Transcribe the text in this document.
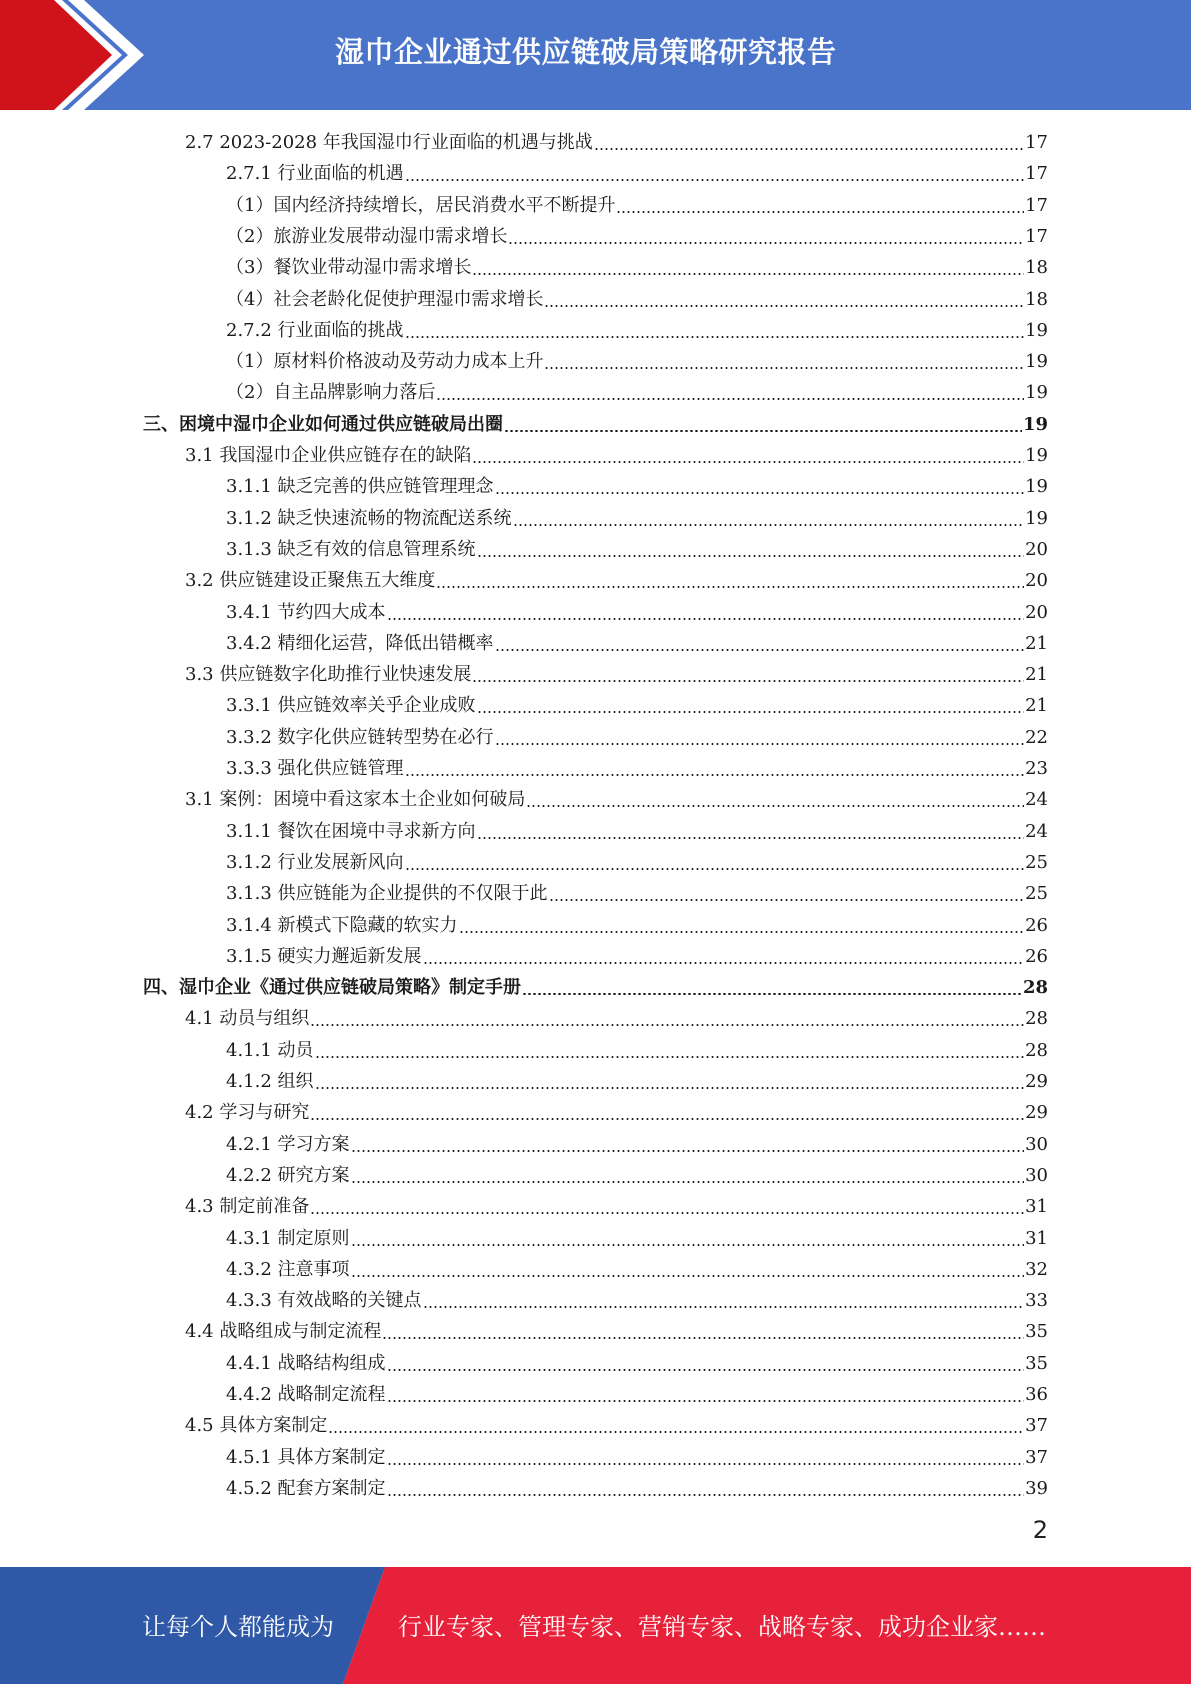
湿巾企业通过供应链破局策略研究报告
2.7 2023-2028 年我国湿巾行业面临的机遇与挑战	17
2.7.1 行业面临的机遇	17
（1）国内经济持续增长，居民消费水平不断提升	17
（2）旅游业发展带动湿巾需求增长	17
（3）餐饮业带动湿巾需求增长	18
（4）社会老龄化促使护理湿巾需求增长	18
2.7.2 行业面临的挑战	19
（1）原材料价格波动及劳动力成本上升	19
（2）自主品牌影响力落后	19
三、困境中湿巾企业如何通过供应链破局出圈	19
3.1 我国湿巾企业供应链存在的缺陷	19
3.1.1 缺乏完善的供应链管理理念	19
3.1.2 缺乏快速流畅的物流配送系统	19
3.1.3 缺乏有效的信息管理系统	20
3.2 供应链建设正聚焦五大维度	20
3.4.1 节约四大成本	20
3.4.2 精细化运营，降低出错概率	21
3.3 供应链数字化助推行业快速发展	21
3.3.1 供应链效率关乎企业成败	21
3.3.2 数字化供应链转型势在必行	22
3.3.3 强化供应链管理	23
3.1 案例：困境中看这家本土企业如何破局	24
3.1.1 餐饮在困境中寻求新方向	24
3.1.2 行业发展新风向	25
3.1.3 供应链能为企业提供的不仅限于此	25
3.1.4 新模式下隐藏的软实力	26
3.1.5 硬实力邂逅新发展	26
四、湿巾企业《通过供应链破局策略》制定手册	28
4.1 动员与组织	28
4.1.1 动员	28
4.1.2 组织	29
4.2 学习与研究	29
4.2.1 学习方案	30
4.2.2 研究方案	30
4.3 制定前准备	31
4.3.1 制定原则	31
4.3.2 注意事项	32
4.3.3 有效战略的关键点	33
4.4 战略组成与制定流程	35
4.4.1 战略结构组成	35
4.4.2 战略制定流程	36
4.5 具体方案制定	37
4.5.1 具体方案制定	37
4.5.2 配套方案制定	39
2
让每个人都能成为	行业专家、管理专家、营销专家、战略专家、成功企业家……
